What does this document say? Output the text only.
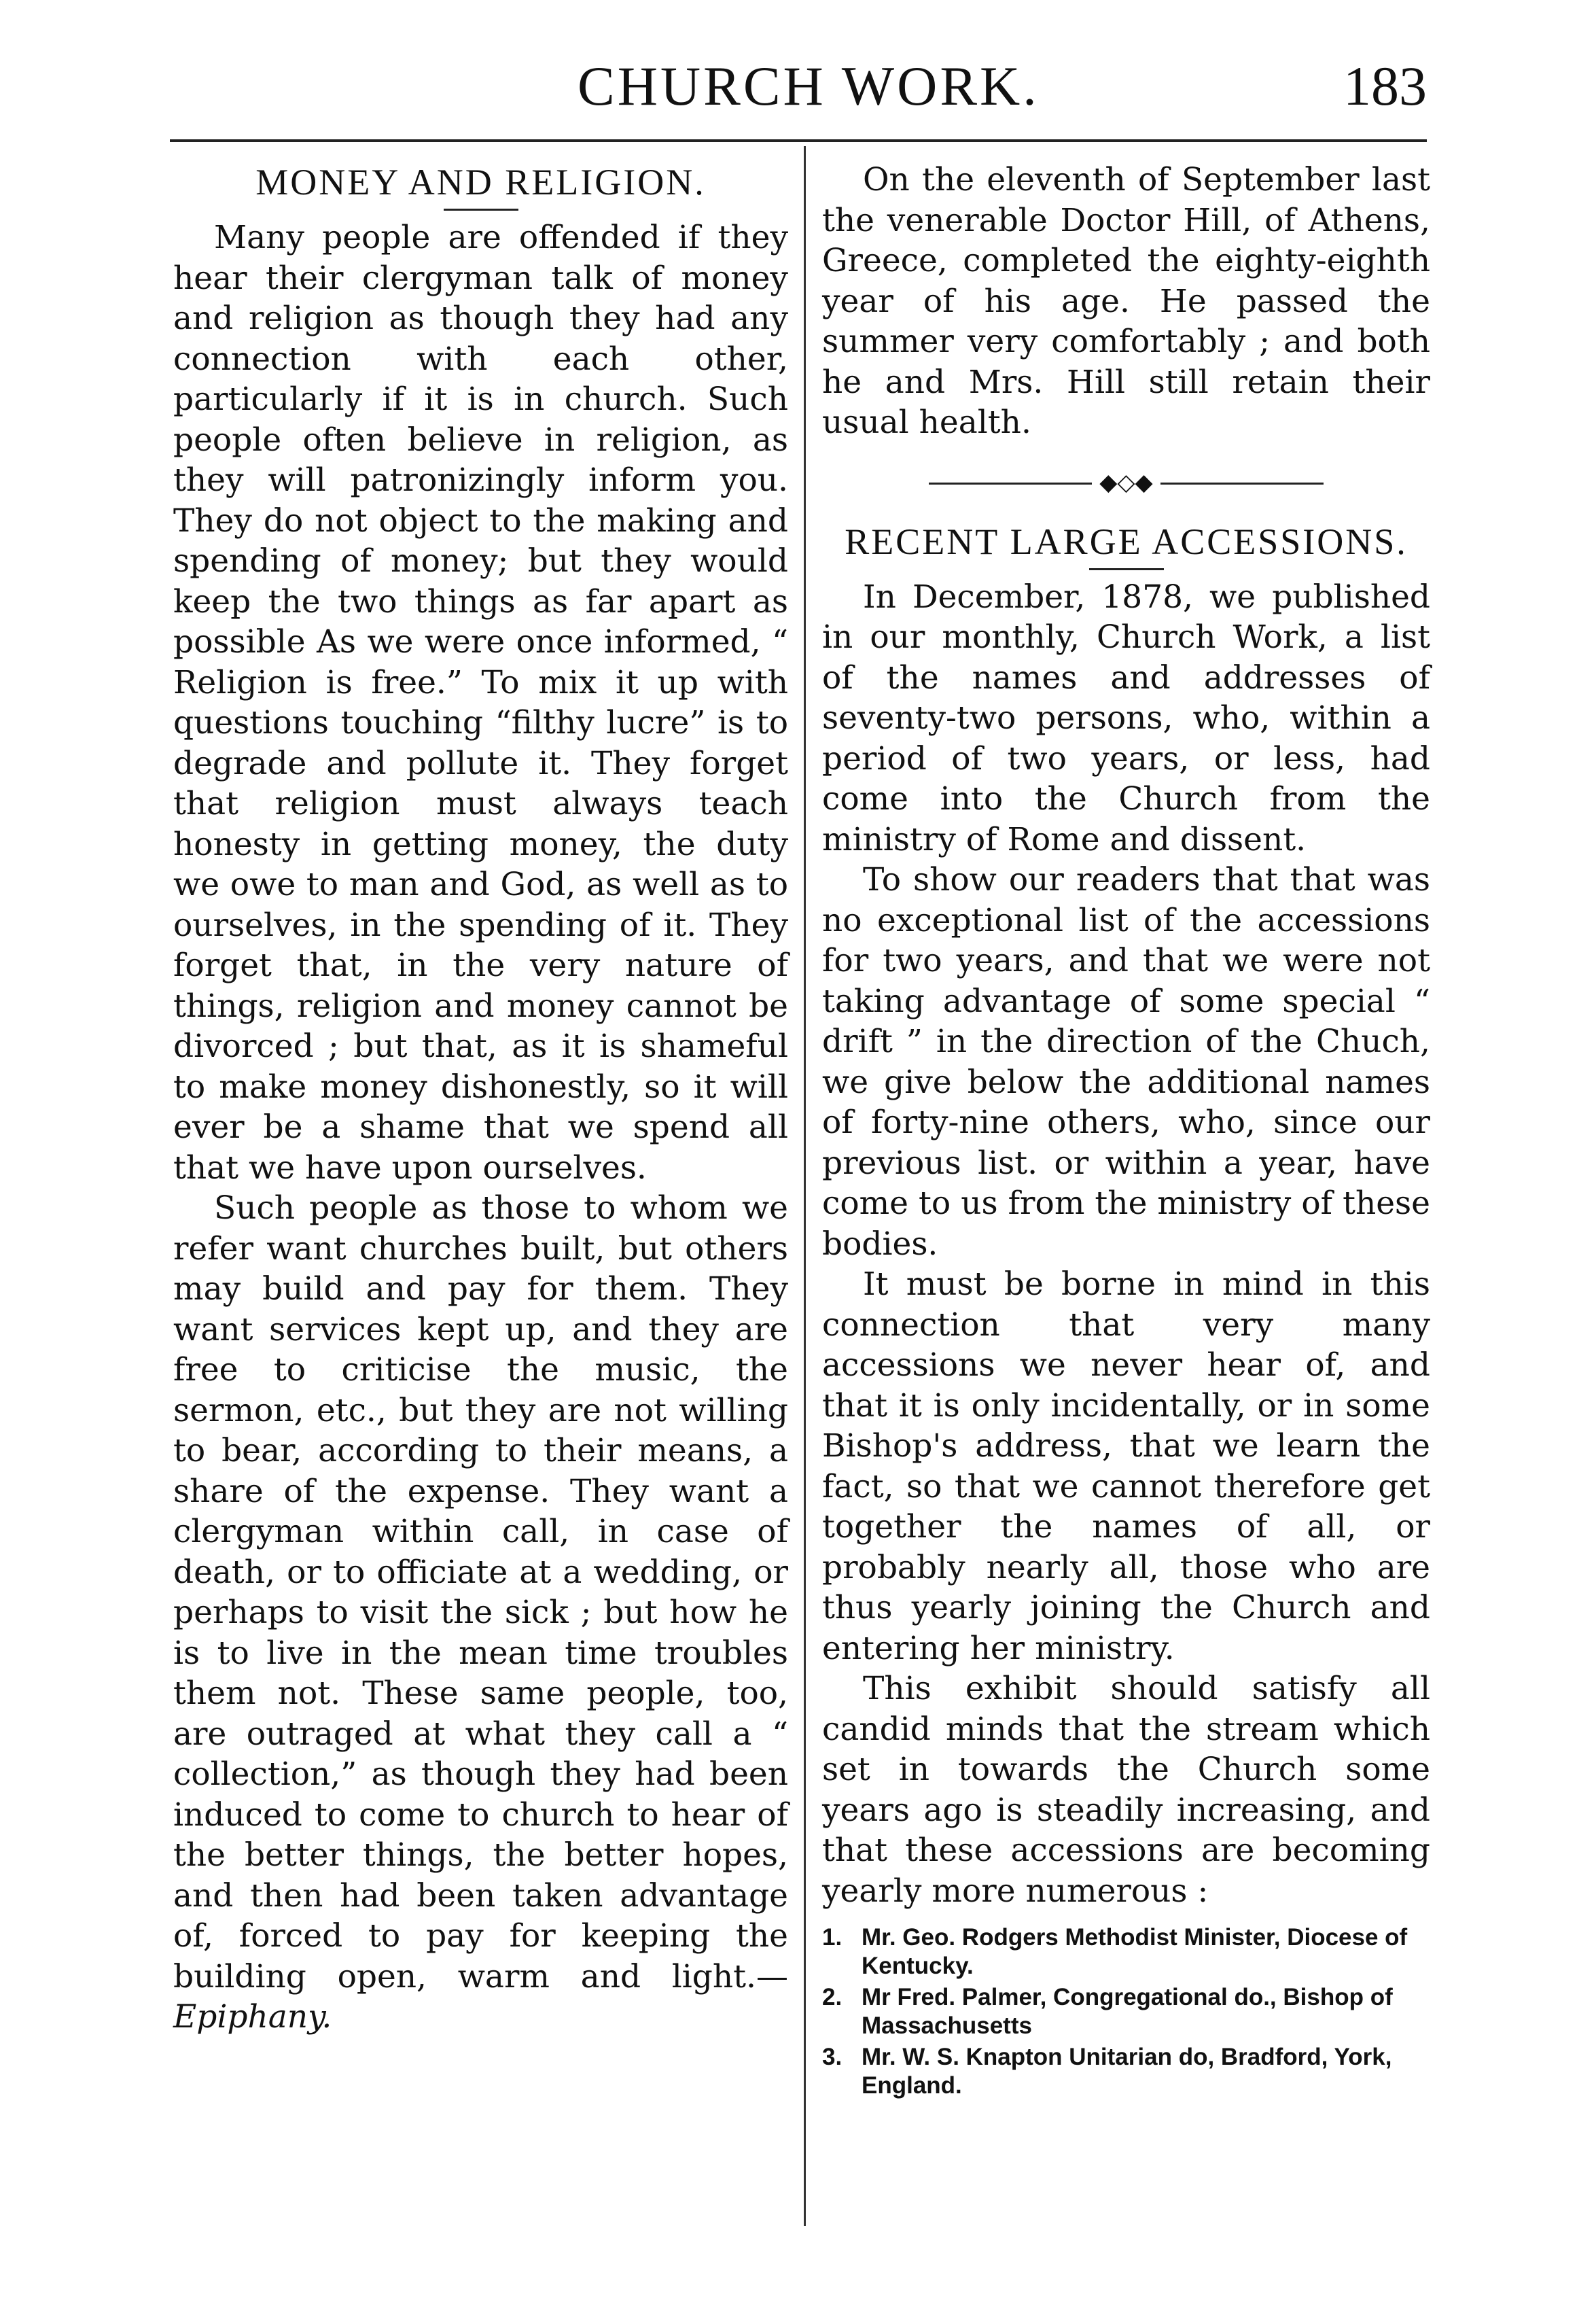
CHURCH WORK.	183
MONEY AND RELIGION.

Many people are offended if they hear their clergyman talk of money and religion as though they had any connection with each other, particularly if it is in church. Such people often believe in religion, as they will patronizingly inform you. They do not object to the making and spending of money; but they would keep the two things as far apart as possible As we were once informed, “ Religion is free.” To mix it up with questions touching “filthy lucre” is to degrade and pollute it. They forget that religion must always teach honesty in getting money, the duty we owe to man and God, as well as to ourselves, in the spending of it. They forget that, in the very nature of things, religion and money cannot be divorced ; but that, as it is shameful to make money dishonestly, so it will ever be a shame that we spend all that we have upon ourselves.

Such people as those to whom we refer want churches built, but others may build and pay for them. They want services kept up, and they are free to criticise the music, the sermon, etc., but they are not willing to bear, according to their means, a share of the expense. They want a clergyman within call, in case of death, or to officiate at a wedding, or perhaps to visit the sick ; but how he is to live in the mean time troubles them not. These same people, too, are outraged at what they call a “ collection,” as though they had been induced to come to church to hear of the better things, the better hopes, and then had been taken advantage of, forced to pay for keeping the building open, warm and light.—Epiphany.

On the eleventh of September last the venerable Doctor Hill, of Athens, Greece, completed the eighty-eighth year of his age. He passed the summer very comfortably ; and both he and Mrs. Hill still retain their usual health.

◆◇◆
RECENT LARGE ACCESSIONS.

In December, 1878, we published in our monthly, Church Work, a list of the names and addresses of seventy-two persons, who, within a period of two years, or less, had come into the Church from the ministry of Rome and dissent.

To show our readers that that was no exceptional list of the accessions for two years, and that we were not taking advantage of some special “ drift ” in the direction of the Chuch, we give below the additional names of forty-nine others, who, since our previous list. or within a year, have come to us from the ministry of these bodies.

It must be borne in mind in this connection that very many accessions we never hear of, and that it is only incidentally, or in some Bishop's address, that we learn the fact, so that we cannot therefore get together the names of all, or probably nearly all, those who are thus yearly joining the Church and entering her ministry.

This exhibit should satisfy all candid minds that the stream which set in towards the Church some years ago is steadily increasing, and that these accessions are becoming yearly more numerous :

1. Mr. Geo. Rodgers Methodist Minister, Diocese of Kentucky.
2. Mr Fred. Palmer, Congregational do., Bishop of Massachusetts
3. Mr. W. S. Knapton Unitarian do, Bradford, York, England.
